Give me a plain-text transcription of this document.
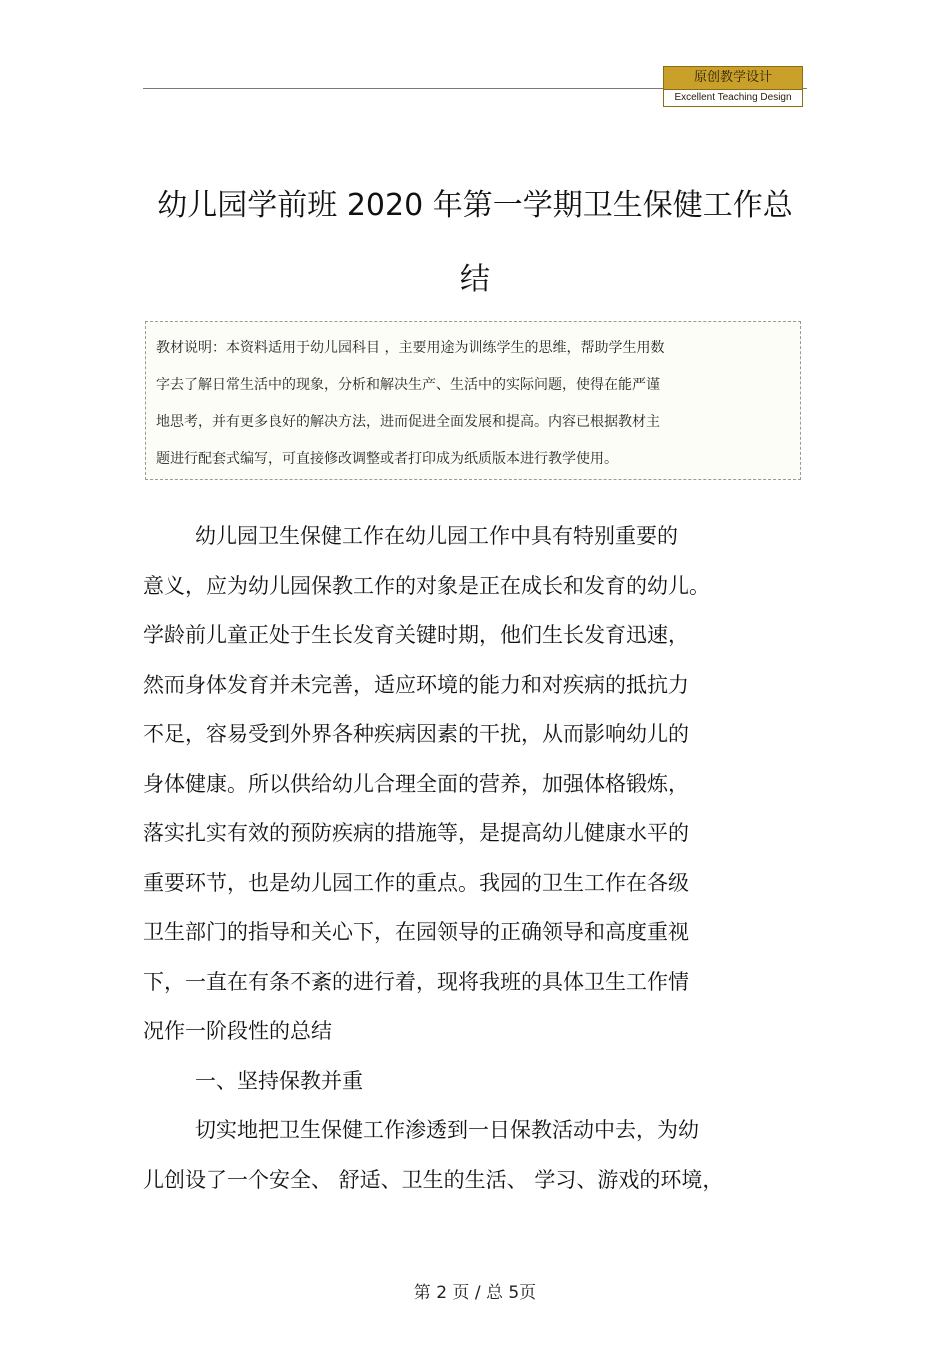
原创教学设计
Excellent Teaching Design
幼儿园学前班 2020 年第一学期卫生保健工作总
结
教材说明：本资料适用于幼儿园科目 ，主要用途为训练学生的思维，帮助学生用数
字去了解日常生活中的现象，分析和解决生产、生活中的实际问题，使得在能严谨
地思考，并有更多良好的解决方法，进而促进全面发展和提高。内容已根据教材主
题进行配套式编写，可直接修改调整或者打印成为纸质版本进行教学使用。
幼儿园卫生保健工作在幼儿园工作中具有特别重要的
意义，应为幼儿园保教工作的对象是正在成长和发育的幼儿。
学龄前儿童正处于生长发育关键时期，他们生长发育迅速，
然而身体发育并未完善，适应环境的能力和对疾病的抵抗力
不足，容易受到外界各种疾病因素的干扰，从而影响幼儿的
身体健康。所以供给幼儿合理全面的营养，加强体格锻炼，
落实扎实有效的预防疾病的措施等，是提高幼儿健康水平的
重要环节，也是幼儿园工作的重点。我园的卫生工作在各级
卫生部门的指导和关心下，在园领导的正确领导和高度重视
下，一直在有条不紊的进行着，现将我班的具体卫生工作情
况作一阶段性的总结
一、坚持保教并重
切实地把卫生保健工作渗透到一日保教活动中去，为幼
儿创设了一个安全、 舒适、卫生的生活、 学习、游戏的环境，
第 2 页 / 总 5页
